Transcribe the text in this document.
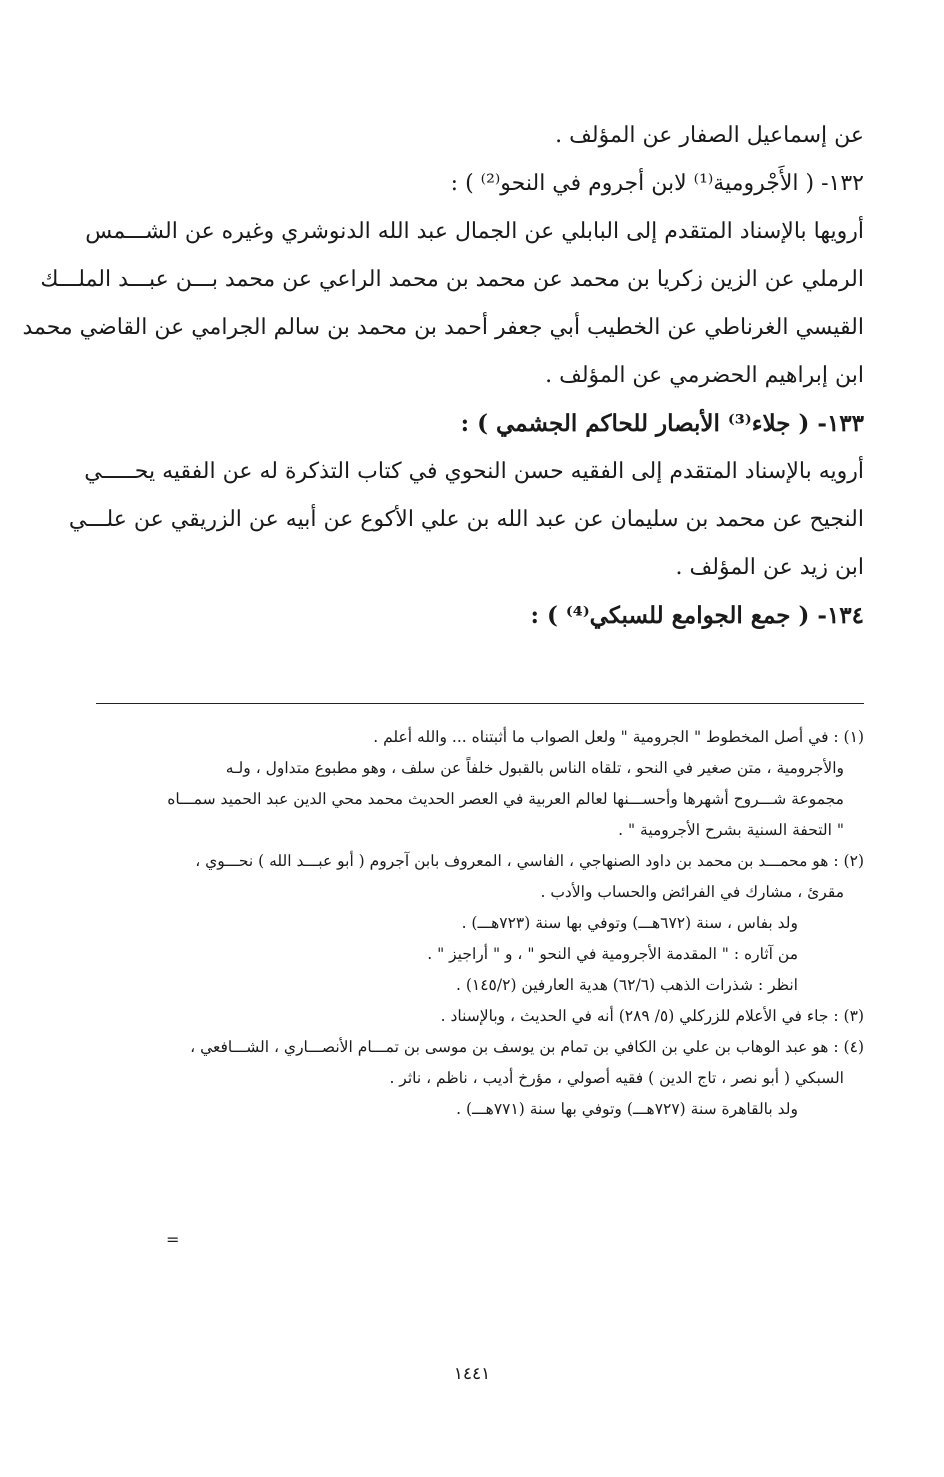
عن إسماعيل الصفار عن المؤلف .
١٣٢- ( الأَجْرومية⁽¹⁾ لابن أجروم في النحو⁽²⁾ ) :
أرويها بالإسناد المتقدم إلى البابلي عن الجمال عبد الله الدنوشري وغيره عن الشـــمس
الرملي عن الزين زكريا بن محمد عن محمد بن محمد الراعي عن محمد بـــن عبـــد الملـــك
القيسي الغرناطي عن الخطيب أبي جعفر أحمد بن محمد بن سالم الجرامي عن القاضي محمد
ابن إبراهيم الحضرمي عن المؤلف .
١٣٣- ( جلاء⁽³⁾ الأبصار للحاكم الجشمي ) :
أرويه بالإسناد المتقدم إلى الفقيه حسن النحوي في كتاب التذكرة له عن الفقيه يحـــــي
النجيح عن محمد بن سليمان عن عبد الله بن علي الأكوع عن أبيه عن الزريقي عن علـــي
ابن زيد عن المؤلف .
١٣٤- ( جمع الجوامع للسبكي⁽⁴⁾ ) :
(١) : في أصل المخطوط " الجرومية " ولعل الصواب ما أثبتناه ... والله أعلم .
والأجرومية ، متن صغير في النحو ، تلقاه الناس بالقبول خلفاً عن سلف ، وهو مطبوع متداول ، ولـه
مجموعة شـــروح أشهرها وأحســـنها لعالم العربية في العصر الحديث محمد محي الدين عبد الحميد سمـــاه
" التحفة السنية بشرح الأجرومية " .
(٢) : هو محمـــد بن محمد بن داود الصنهاجي ، الفاسي ، المعروف بابن آجروم ( أبو عبـــد الله ) نحـــوي ،
مقرئ ، مشارك في الفرائض والحساب والأدب .
ولد بفاس ، سنة (٦٧٢هـــ) وتوفي بها سنة (٧٢٣هـــ) .
من آثاره : " المقدمة الأجرومية في النحو " ، و " أراجيز " .
انظر : شذرات الذهب (٦٢/٦) هدية العارفين (١٤٥/٢) .
(٣) : جاء في الأعلام للزركلي (٥/ ٢٨٩) أنه في الحديث ، وبالإسناد .
(٤) : هو عبد الوهاب بن علي بن الكافي بن تمام بن يوسف بن موسى بن تمـــام الأنصـــاري ، الشـــافعي ،
السبكي ( أبو نصر ، تاج الدين ) فقيه أصولي ، مؤرخ أديب ، ناظم ، ناثر .
ولد بالقاهرة سنة (٧٢٧هـــ) وتوفي بها سنة (٧٧١هـــ) .
=
١٤٤١
